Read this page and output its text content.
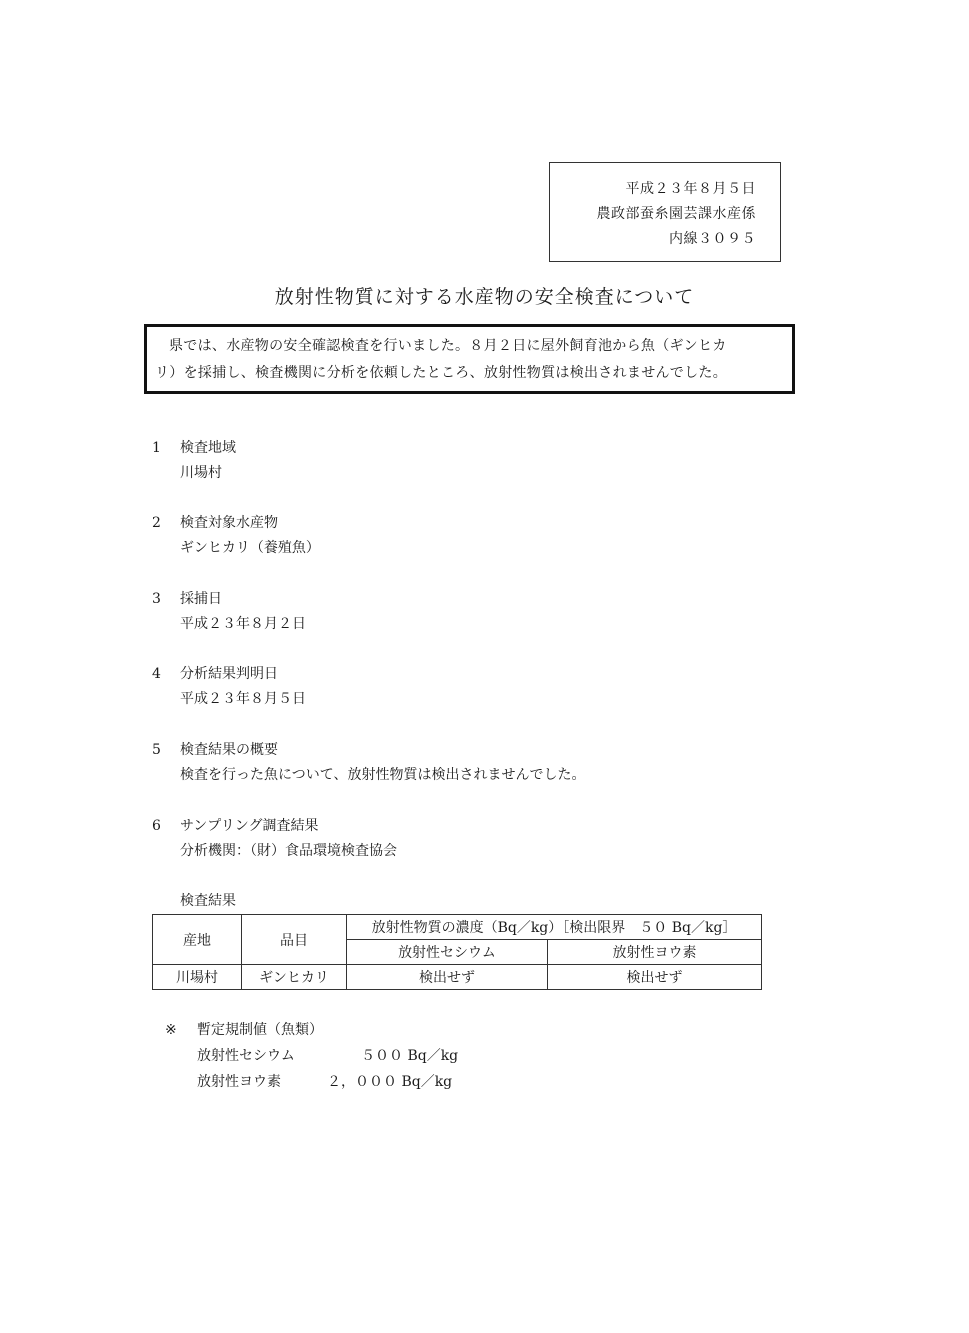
平成２３年８月５日
農政部蚕糸園芸課水産係
内線３０９５
放射性物質に対する水産物の安全検査について
県では、水産物の安全確認検査を行いました。８月２日に屋外飼育池から魚（ギンヒカ
リ）を採捕し、検査機関に分析を依頼したところ、放射性物質は検出されませんでした。
1 検査地域
川場村
2 検査対象水産物
ギンヒカリ（養殖魚）
3 採捕日
平成２３年８月２日
4 分析結果判明日
平成２３年８月５日
5 検査結果の概要
検査を行った魚について、放射性物質は検出されませんでした。
6 サンプリング調査結果
分析機関：（財）食品環境検査協会
検査結果
産地	品目	放射性物質の濃度（Bq／kg）［検出限界　５０ Bq／kg］	
		放射性セシウム	放射性ヨウ素
川場村	ギンヒカリ	検出せず	検出せず
※ 暫定規制値（魚類）
放射性セシウム	　５００ Bq／kg
放射性ヨウ素	２，０００ Bq／kg
